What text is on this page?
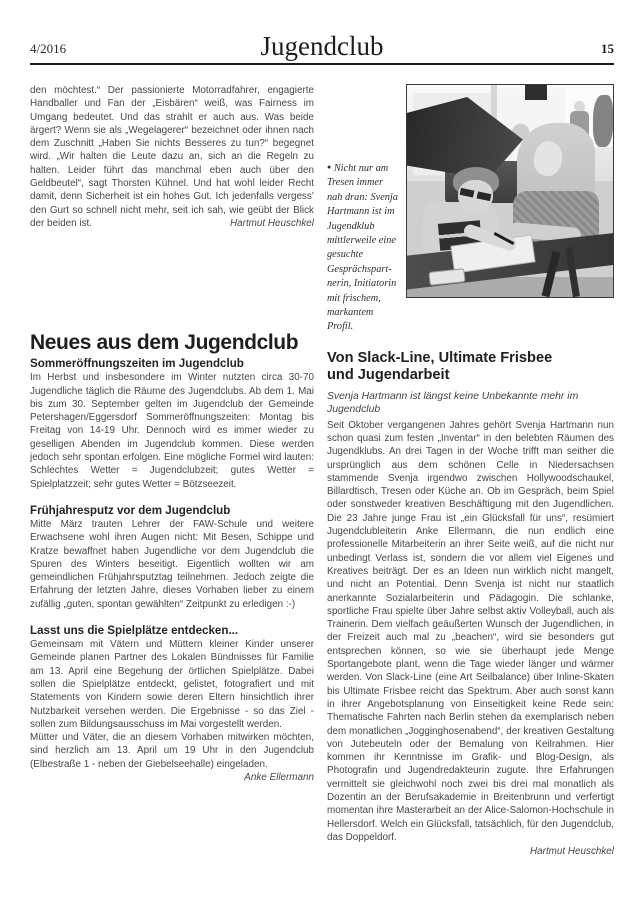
4/2016	Jugendclub	15

den möchtest.“ Der passionierte Motorradfahrer, engagierte Handballer und Fan der „Eisbären“ weiß, was Fairness im Umgang bedeutet. Und das strahlt er auch aus. Was beide ärgert? Wenn sie als „Wegelagerer“ bezeichnet oder ihnen nach dem Zuschnitt „Haben Sie nichts Besseres zu tun?“ begegnet wird. „Wir halten die Leute dazu an, sich an die Regeln zu halten. Leider führt das manchmal eben auch über den Geldbeutel“, sagt Thorsten Kühnel. Und hat wohl leider Recht damit, denn Sicherheit ist ein hohes Gut. Ich jedenfalls vergess’ den Gurt so schnell nicht mehr, seit ich sah, wie geübt der Blick der beiden ist.	Hartmut Heuschkel

Neues aus dem Jugendclub
Sommeröffnungszeiten im Jugendclub

Im Herbst und insbesondere im Winter nutzten circa 30-70 Jugendliche täglich die Räume des Jugendclubs. Ab dem 1. Mai bis zum 30. September gelten im Jugendclub der Gemeinde Petershagen/Eggersdorf Sommeröffnungszeiten: Montag bis Freitag von 14-19 Uhr. Dennoch wird es immer wieder zu geselligen Abenden im Jugendclub kommen. Diese werden jedoch sehr spontan erfolgen. Eine mögliche Formel wird lauten: Schlechtes Wetter = Jugendclubzeit; gutes Wetter = Spielplatzzeit; sehr gutes Wetter = Bötzseezeit.

Frühjahresputz vor dem Jugendclub

Mitte März trauten Lehrer der FAW-Schule und weitere Erwachsene wohl ihren Augen nicht: Mit Besen, Schippe und Kratze bewaffnet haben Jugendliche vor dem Jugendclub die Spuren des Winters beseitigt. Eigentlich wollten wir am gemeindlichen Frühjahrsputztag teilnehmen. Jedoch zeigte die Erfahrung der letzten Jahre, dieses Vorhaben lieber zu einem zufällig „guten, spontan gewählten“ Zeitpunkt zu erledigen :-)

Lasst uns die Spielplätze entdecken...

Gemeinsam mit Vätern und Müttern kleiner Kinder unserer Gemeinde planen Partner des Lokalen Bündnisses für Familie am 13. April eine Begehung der örtlichen Spielplätze. Dabei sollen die Spielplätze entdeckt, gelistet, fotografiert und mit Statements von Kindern sowie deren Eltern hinsichtlich ihrer Nutzbarkeit versehen werden. Die Ergebnisse - so das Ziel - sollen zum Bildungsausschuss im Mai vorgestellt werden.

Mütter und Väter, die an diesem Vorhaben mitwirken möchten, sind herzlich am 13. April um 19 Uhr in den Jugendclub (Elbestraße 1 - neben der Giebelseehalle) eingeladen.
Anke Ellermann

● Nicht nur am Tresen immer nah dran: Svenja Hartmann ist im Jugendklub mittlerweile eine gesuchte Gesprächspartnerin, Initiatorin mit frischem, markantem Profil.
Von Slack-Line, Ultimate Frisbee
und Jugendarbeit

Svenja Hartmann ist längst keine Unbekannte mehr im Jugendclub

Seit Oktober vergangenen Jahres gehört Svenja Hartmann nun schon quasi zum festen „Inventar“ in den belebten Räumen des Jugendklubs. An drei Tagen in der Woche trifft man seither die ursprünglich aus dem schönen Celle in Niedersachsen stammende Svenja irgendwo zwischen Hollywoodschaukel, Billardtisch, Tresen oder Küche an. Ob im Gespräch, beim Spiel oder sonstweder kreativen Beschäftigung mit den Jugendlichen. Die 23 Jahre junge Frau ist „ein Glücksfall für uns“, resümiert Jugendclubleiterin Anke Ellermann, die nun endlich eine professionelle Mitarbeiterin an ihrer Seite weiß, auf die nicht nur unbedingt Verlass ist, sondern die vor allem viel Eigenes und Kreatives beiträgt. Der es an Ideen nun wirklich nicht mangelt, und nicht an Potential. Denn Svenja ist nicht nur staatlich anerkannte Sozialarbeiterin und Pädagogin. Die schlanke, sportliche Frau spielte über Jahre selbst aktiv Volleyball, auch als Trainerin. Dem vielfach geäußerten Wunsch der Jugendlichen, in der Freizeit auch mal zu „beachen“, wird sie besonders gut entsprechen können, so wie sie überhaupt jede Menge Sportangebote plant, wenn die Tage wieder länger und wärmer werden. Von Slack-Line (eine Art Seilbalance) über Inline-Skaten bis Ultimate Frisbee reicht das Spektrum. Aber auch sonst kann in ihrer Angebotsplanung von Einseitigkeit keine Rede sein: Thematische Fahrten nach Berlin stehen da exemplarisch neben dem monatlichen „Jogginghosenabend“, der kreativen Gestaltung von Jutebeuteln oder der Bemalung von Keilrahmen. Hier kommen ihr Kenntnisse im Grafik- und Blog-Design, als Photografin und Jugendredakteurin zugute. Ihre Erfahrungen vermittelt sie gleichwohl noch zwei bis drei mal monatlich als Dozentin an der Berufsakademie in Breitenbrunn und verfertigt momentan ihre Masterarbeit an der Alice-Salomon-Hochschule in Hellersdorf. Welch ein Glücksfall, tatsächlich, für den Jugendclub, das Doppeldorf.

Hartmut Heuschkel
